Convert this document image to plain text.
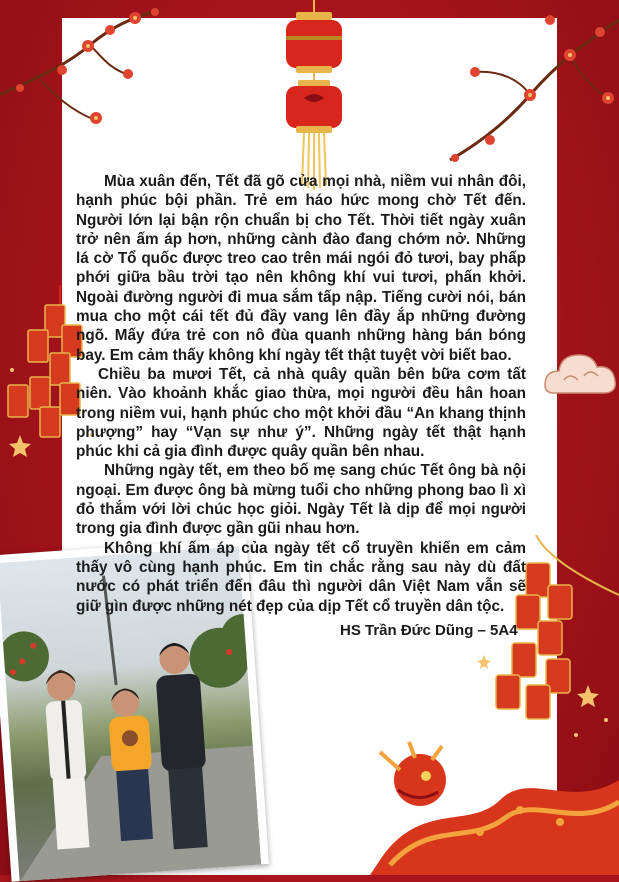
Mùa xuân đến, Tết đã gõ cửa mọi nhà, niềm vui nhân đôi, hạnh phúc bội phần. Trẻ em háo hức mong chờ Tết đến. Người lớn lại bận rộn chuẩn bị cho Tết. Thời tiết ngày xuân trở nên ấm áp hơn, những cành đào đang chớm nở. Những lá cờ Tổ quốc được treo cao trên mái ngói đỏ tươi, bay phấp phới giữa bầu trời tạo nên không khí vui tươi, phấn khởi. Ngoài đường người đi mua sắm tấp nập. Tiếng cười nói, bán mua cho một cái tết đủ đầy vang lên đầy ắp những đường ngõ. Mấy đứa trẻ con nô đùa quanh những hàng bán bóng bay. Em cảm thấy không khí ngày tết thật tuyệt vời biết bao.

Chiều ba mươi Tết, cả nhà quây quần bên bữa cơm tất niên. Vào khoảnh khắc giao thừa, mọi người đều hân hoan trong niềm vui, hạnh phúc cho một khởi đầu “An khang thịnh phượng” hay “Vạn sự như ý”. Những ngày tết thật hạnh phúc khi cả gia đình được quây quần bên nhau.

Những ngày tết, em theo bố mẹ sang chúc Tết ông bà nội ngoại. Em được ông bà mừng tuổi cho những phong bao lì xì đỏ thắm với lời chúc học giỏi. Ngày Tết là dịp để mọi người trong gia đình được gần gũi nhau hơn.

Không khí ấm áp của ngày tết cổ truyền khiến em cảm thấy vô cùng hạnh phúc. Em tin chắc rằng sau này dù đất nước có phát triển đến đâu thì người dân Việt Nam vẫn sẽ giữ gìn được những nét đẹp của dịp Tết cổ truyền dân tộc.

HS Trần Đức Dũng – 5A4
